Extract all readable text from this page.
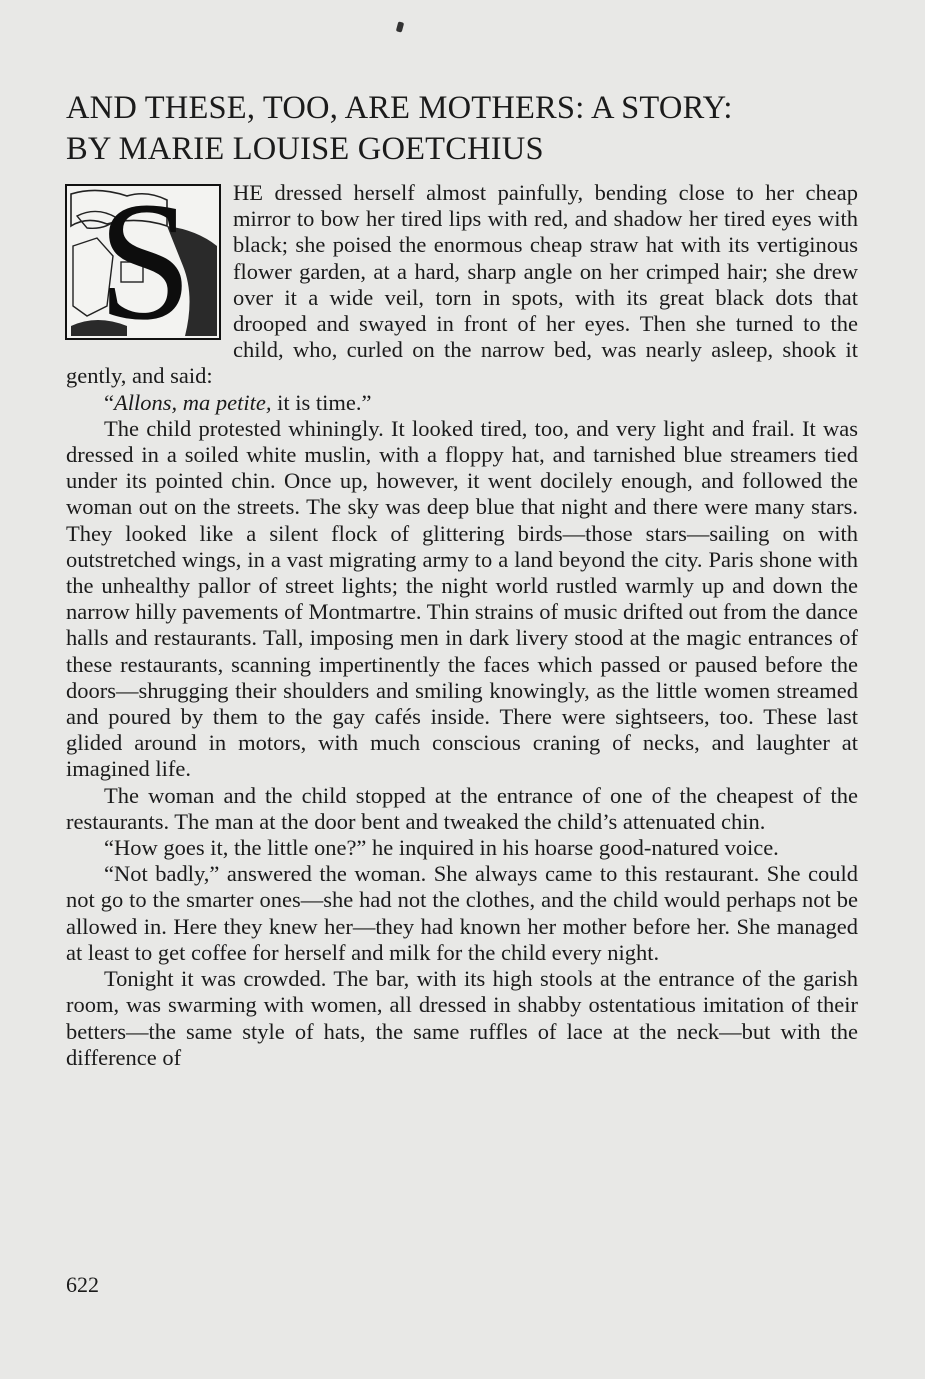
AND THESE, TOO, ARE MOTHERS: A STORY:
BY MARIE LOUISE GOETCHIUS

S HE dressed herself almost painfully, bending close to her cheap mirror to bow her tired lips with red, and shadow her tired eyes with black; she poised the enormous cheap straw hat with its vertiginous flower garden, at a hard, sharp angle on her crimped hair; she drew over it a wide veil, torn in spots, with its great black dots that drooped and swayed in front of her eyes. Then she turned to the child, who, curled on the narrow bed, was nearly asleep, shook it gently, and said:

“Allons, ma petite, it is time.”

The child protested whiningly. It looked tired, too, and very light and frail. It was dressed in a soiled white muslin, with a floppy hat, and tarnished blue streamers tied under its pointed chin. Once up, however, it went docilely enough, and followed the woman out on the streets. The sky was deep blue that night and there were many stars. They looked like a silent flock of glittering birds—those stars—sailing on with outstretched wings, in a vast migrating army to a land beyond the city. Paris shone with the unhealthy pallor of street lights; the night world rustled warmly up and down the narrow hilly pavements of Montmartre. Thin strains of music drifted out from the dance halls and restaurants. Tall, imposing men in dark livery stood at the magic entrances of these restaurants, scanning impertinently the faces which passed or paused before the doors—shrugging their shoulders and smiling knowingly, as the little women streamed and poured by them to the gay cafés inside. There were sightseers, too. These last glided around in motors, with much conscious craning of necks, and laughter at imagined life.

The woman and the child stopped at the entrance of one of the cheapest of the restaurants. The man at the door bent and tweaked the child’s attenuated chin.

“How goes it, the little one?” he inquired in his hoarse good-natured voice.

“Not badly,” answered the woman. She always came to this restaurant. She could not go to the smarter ones—she had not the clothes, and the child would perhaps not be allowed in. Here they knew her—they had known her mother before her. She managed at least to get coffee for herself and milk for the child every night.

Tonight it was crowded. The bar, with its high stools at the entrance of the garish room, was swarming with women, all dressed in shabby ostentatious imitation of their betters—the same style of hats, the same ruffles of lace at the neck—but with the difference of

622
